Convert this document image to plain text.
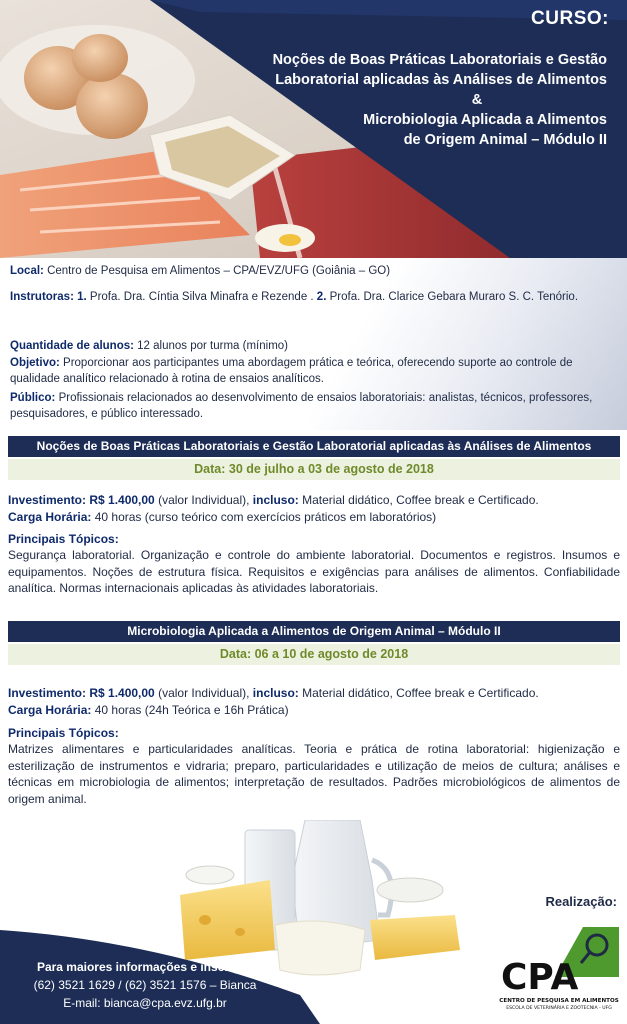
CURSO:
Noções de Boas Práticas Laboratoriais e Gestão
Laboratorial aplicadas às Análises de Alimentos
&
Microbiologia Aplicada a Alimentos
de Origem Animal – Módulo II

Local: Centro de Pesquisa em Alimentos – CPA/EVZ/UFG (Goiânia – GO)

Instrutoras: 1. Profa. Dra. Cíntia Silva Minafra e Rezende . 2. Profa. Dra. Clarice Gebara Muraro S. C. Tenório.

Quantidade de alunos: 12 alunos por turma (mínimo)

Objetivo: Proporcionar aos participantes uma abordagem prática e teórica, oferecendo suporte ao controle de qualidade analítico relacionado à rotina de ensaios analíticos.

Público: Profissionais relacionados ao desenvolvimento de ensaios laboratoriais: analistas, técnicos, professores, pesquisadores, e público interessado.

Noções de Boas Práticas Laboratoriais e Gestão Laboratorial aplicadas às Análises de Alimentos
Data: 30 de julho a 03 de agosto de 2018
Investimento: R$ 1.400,00 (valor Individual), incluso: Material didático, Coffee break e Certificado.
Carga Horária: 40 horas (curso teórico com exercícios práticos em laboratórios)
Principais Tópicos:
Segurança laboratorial. Organização e controle do ambiente laboratorial. Documentos e registros. Insumos e equipamentos. Noções de estrutura física. Requisitos e exigências para análises de alimentos. Confiabilidade analítica. Normas internacionais aplicadas às atividades laboratoriais.
Microbiologia Aplicada a Alimentos de Origem Animal – Módulo II
Data: 06 a 10 de agosto de 2018
Investimento: R$ 1.400,00 (valor Individual), incluso: Material didático, Coffee break e Certificado.
Carga Horária: 40 horas (24h Teórica e 16h Prática)
Principais Tópicos:
Matrizes alimentares e particularidades analíticas. Teoria e prática de rotina laboratorial: higienização e esterilização de instrumentos e vidraria; preparo, particularidades e utilização de meios de cultura; análises e técnicas em microbiologia de alimentos; interpretação de resultados. Padrões microbiológicos de alimentos de origem animal.
Realização:
CPA
CENTRO DE PESQUISA EM ALIMENTOS
ESCOLA DE VETERINÁRIA E ZOOTECNIA - UFG
Para maiores informações e inscrição
(62) 3521 1629 / (62) 3521 1576 – Bianca
E-mail: bianca@cpa.evz.ufg.br
